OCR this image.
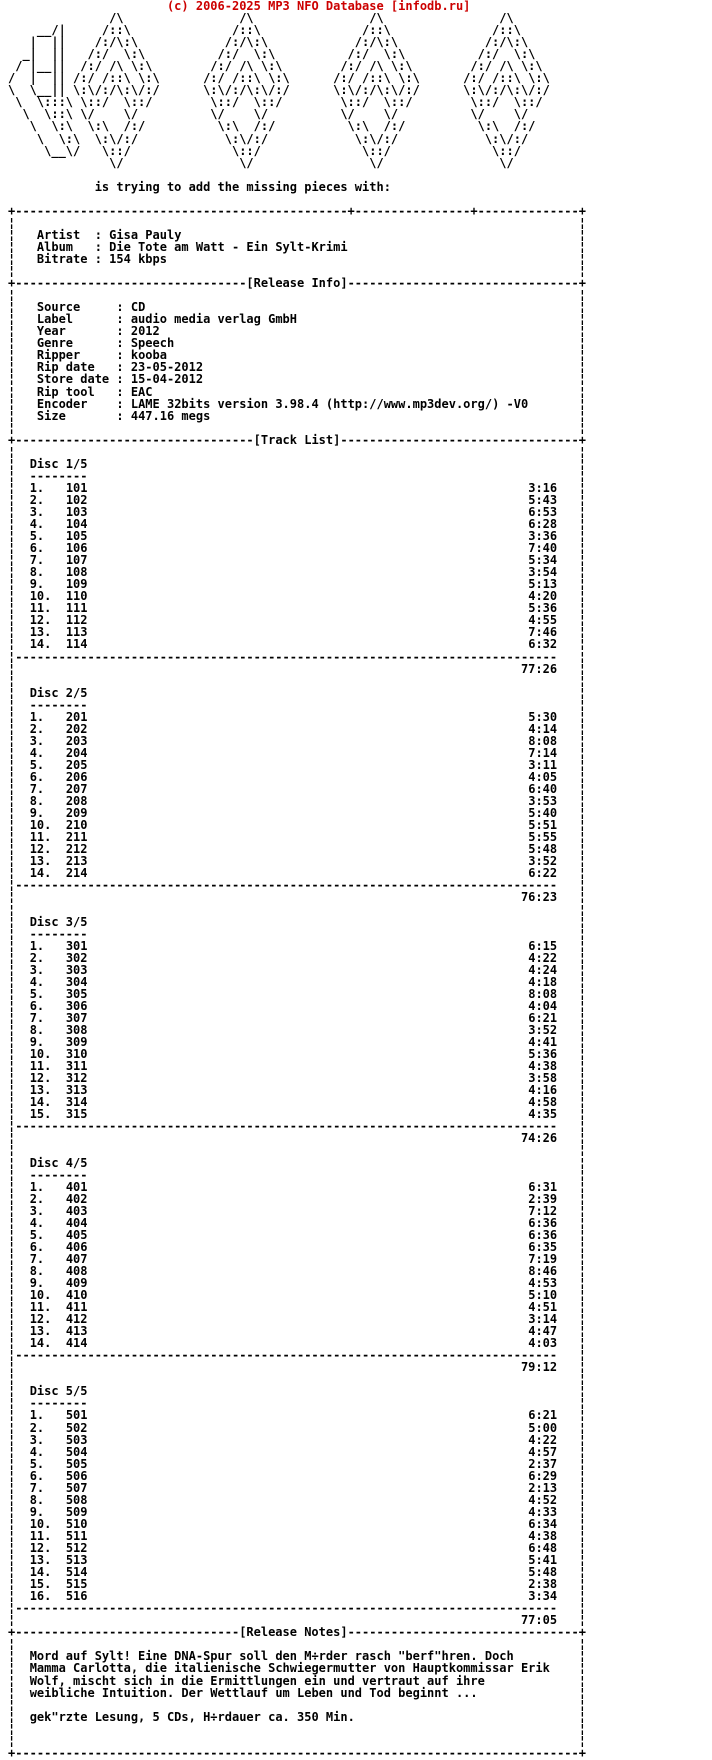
(c) 2006-2025 MP3 NFO Database [infodb.ru]
/\                /\                /\                /\
__/|     /::\              /::\              /::\              /::\
|  ||    /:/\:\            /:/\:\            /:/\:\            /:/\:\
_|  ||   /:/  \:\          /:/  \:\          /:/  \:\          /:/  \:\
/ |__||  /:/ /\ \:\        /:/ /\ \:\        /:/ /\ \:\        /:/ /\ \:\
/  |  || /:/ /::\ \:\      /:/ /::\ \:\      /:/ /::\ \:\      /:/ /::\ \:\
\  \__|| \:\/:/\:\/:/      \:\/:/\:\/:/      \:\/:/\:\/:/      \:\/:/\:\/:/
\  \:::\ \::/  \::/        \::/  \::/        \::/  \::/        \::/  \::/
\  \::\ \/    \/          \/    \/          \/    \/          \/    \/
\  \:\  \:\  /:/          \:\  /:/          \:\  /:/          \:\  /:/
\  \:\  \:\/:/            \:\/:/            \:\/:/            \:\/:/
\__\/   \::/              \::/              \::/              \::/
\/                \/                \/                \/

is trying to add the missing pieces with:

+----------------------------------------------+----------------+--------------+
¦                                                                              ¦
¦   Artist  : Gisa Pauly                                                       ¦
¦   Album   : Die Tote am Watt - Ein Sylt-Krimi                                ¦
¦   Bitrate : 154 kbps                                                         ¦
¦                                                                              ¦
+--------------------------------[Release Info]--------------------------------+
¦                                                                              ¦
¦   Source     : CD                                                            ¦
¦   Label      : audio media verlag GmbH                                       ¦
¦   Year       : 2012                                                          ¦
¦   Genre      : Speech                                                        ¦
¦   Ripper     : kooba                                                         ¦
¦   Rip date   : 23-05-2012                                                    ¦
¦   Store date : 15-04-2012                                                    ¦
¦   Rip tool   : EAC                                                           ¦
¦   Encoder    : LAME 32bits version 3.98.4 (http://www.mp3dev.org/) -V0       ¦
¦   Size       : 447.16 megs                                                   ¦
¦                                                                              ¦
+---------------------------------[Track List]---------------------------------+
¦                                                                              ¦
¦  Disc 1/5                                                                    ¦
¦  --------                                                                    ¦
¦  1. 101	3:16   ¦
¦  2. 102	5:43   ¦
¦  3. 103	6:53   ¦
¦  4. 104	6:28   ¦
¦  5. 105	3:36   ¦
¦  6. 106	7:40   ¦
¦  7. 107	5:34   ¦
¦  8. 108	3:54   ¦
¦  9. 109	5:13   ¦
¦  10. 110	4:20   ¦
¦  11. 111	5:36   ¦
¦  12. 112	4:55   ¦
¦  13. 113	7:46   ¦
¦  14. 114	6:32   ¦
¦---------------------------------------------------------------------------   ¦
¦                                                                      77:26   ¦
¦                                                                              ¦
¦  Disc 2/5                                                                    ¦
¦  --------                                                                    ¦
¦  1. 201	5:30   ¦
¦  2. 202	4:14   ¦
¦  3. 203	8:08   ¦
¦  4. 204	7:14   ¦
¦  5. 205	3:11   ¦
¦  6. 206	4:05   ¦
¦  7. 207	6:40   ¦
¦  8. 208	3:53   ¦
¦  9. 209	5:40   ¦
¦  10. 210	5:51   ¦
¦  11. 211	5:55   ¦
¦  12. 212	5:48   ¦
¦  13. 213	3:52   ¦
¦  14. 214	6:22   ¦
¦---------------------------------------------------------------------------   ¦
¦                                                                      76:23   ¦
¦                                                                              ¦
¦  Disc 3/5                                                                    ¦
¦  --------                                                                    ¦
¦  1. 301	6:15   ¦
¦  2. 302	4:22   ¦
¦  3. 303	4:24   ¦
¦  4. 304	4:18   ¦
¦  5. 305	8:08   ¦
¦  6. 306	4:04   ¦
¦  7. 307	6:21   ¦
¦  8. 308	3:52   ¦
¦  9. 309	4:41   ¦
¦  10. 310	5:36   ¦
¦  11. 311	4:38   ¦
¦  12. 312	3:58   ¦
¦  13. 313	4:16   ¦
¦  14. 314	4:58   ¦
¦  15. 315	4:35   ¦
¦---------------------------------------------------------------------------   ¦
¦                                                                      74:26   ¦
¦                                                                              ¦
¦  Disc 4/5                                                                    ¦
¦  --------                                                                    ¦
¦  1. 401	6:31   ¦
¦  2. 402	2:39   ¦
¦  3. 403	7:12   ¦
¦  4. 404	6:36   ¦
¦  5. 405	6:36   ¦
¦  6. 406	6:35   ¦
¦  7. 407	7:19   ¦
¦  8. 408	8:46   ¦
¦  9. 409	4:53   ¦
¦  10. 410	5:10   ¦
¦  11. 411	4:51   ¦
¦  12. 412	3:14   ¦
¦  13. 413	4:47   ¦
¦  14. 414	4:03   ¦
¦---------------------------------------------------------------------------   ¦
¦                                                                      79:12   ¦
¦                                                                              ¦
¦  Disc 5/5                                                                    ¦
¦  --------                                                                    ¦
¦  1. 501	6:21   ¦
¦  2. 502	5:00   ¦
¦  3. 503	4:22   ¦
¦  4. 504	4:57   ¦
¦  5. 505	2:37   ¦
¦  6. 506	6:29   ¦
¦  7. 507	2:13   ¦
¦  8. 508	4:52   ¦
¦  9. 509	4:33   ¦
¦  10. 510	6:34   ¦
¦  11. 511	4:38   ¦
¦  12. 512	6:48   ¦
¦  13. 513	5:41   ¦
¦  14. 514	5:48   ¦
¦  15. 515	2:38   ¦
¦  16. 516	3:34   ¦
¦---------------------------------------------------------------------------   ¦
¦                                                                      77:05   ¦
+-------------------------------[Release Notes]--------------------------------+
¦                                                                              ¦
¦  Mord auf Sylt! Eine DNA-Spur soll den M÷rder rasch "berf"hren. Doch         ¦
¦  Mamma Carlotta, die italienische Schwiegermutter von Hauptkommissar Erik    ¦
¦  Wolf, mischt sich in die Ermittlungen ein und vertraut auf ihre             ¦
¦  weibliche Intuition. Der Wettlauf um Leben und Tod beginnt ...              ¦
¦                                                                              ¦
¦  gek"rzte Lesung, 5 CDs, H÷rdauer ca. 350 Min.                               ¦
¦                                                                              ¦
¦                                                                              ¦
+------------------------------------------------------------------------------+
